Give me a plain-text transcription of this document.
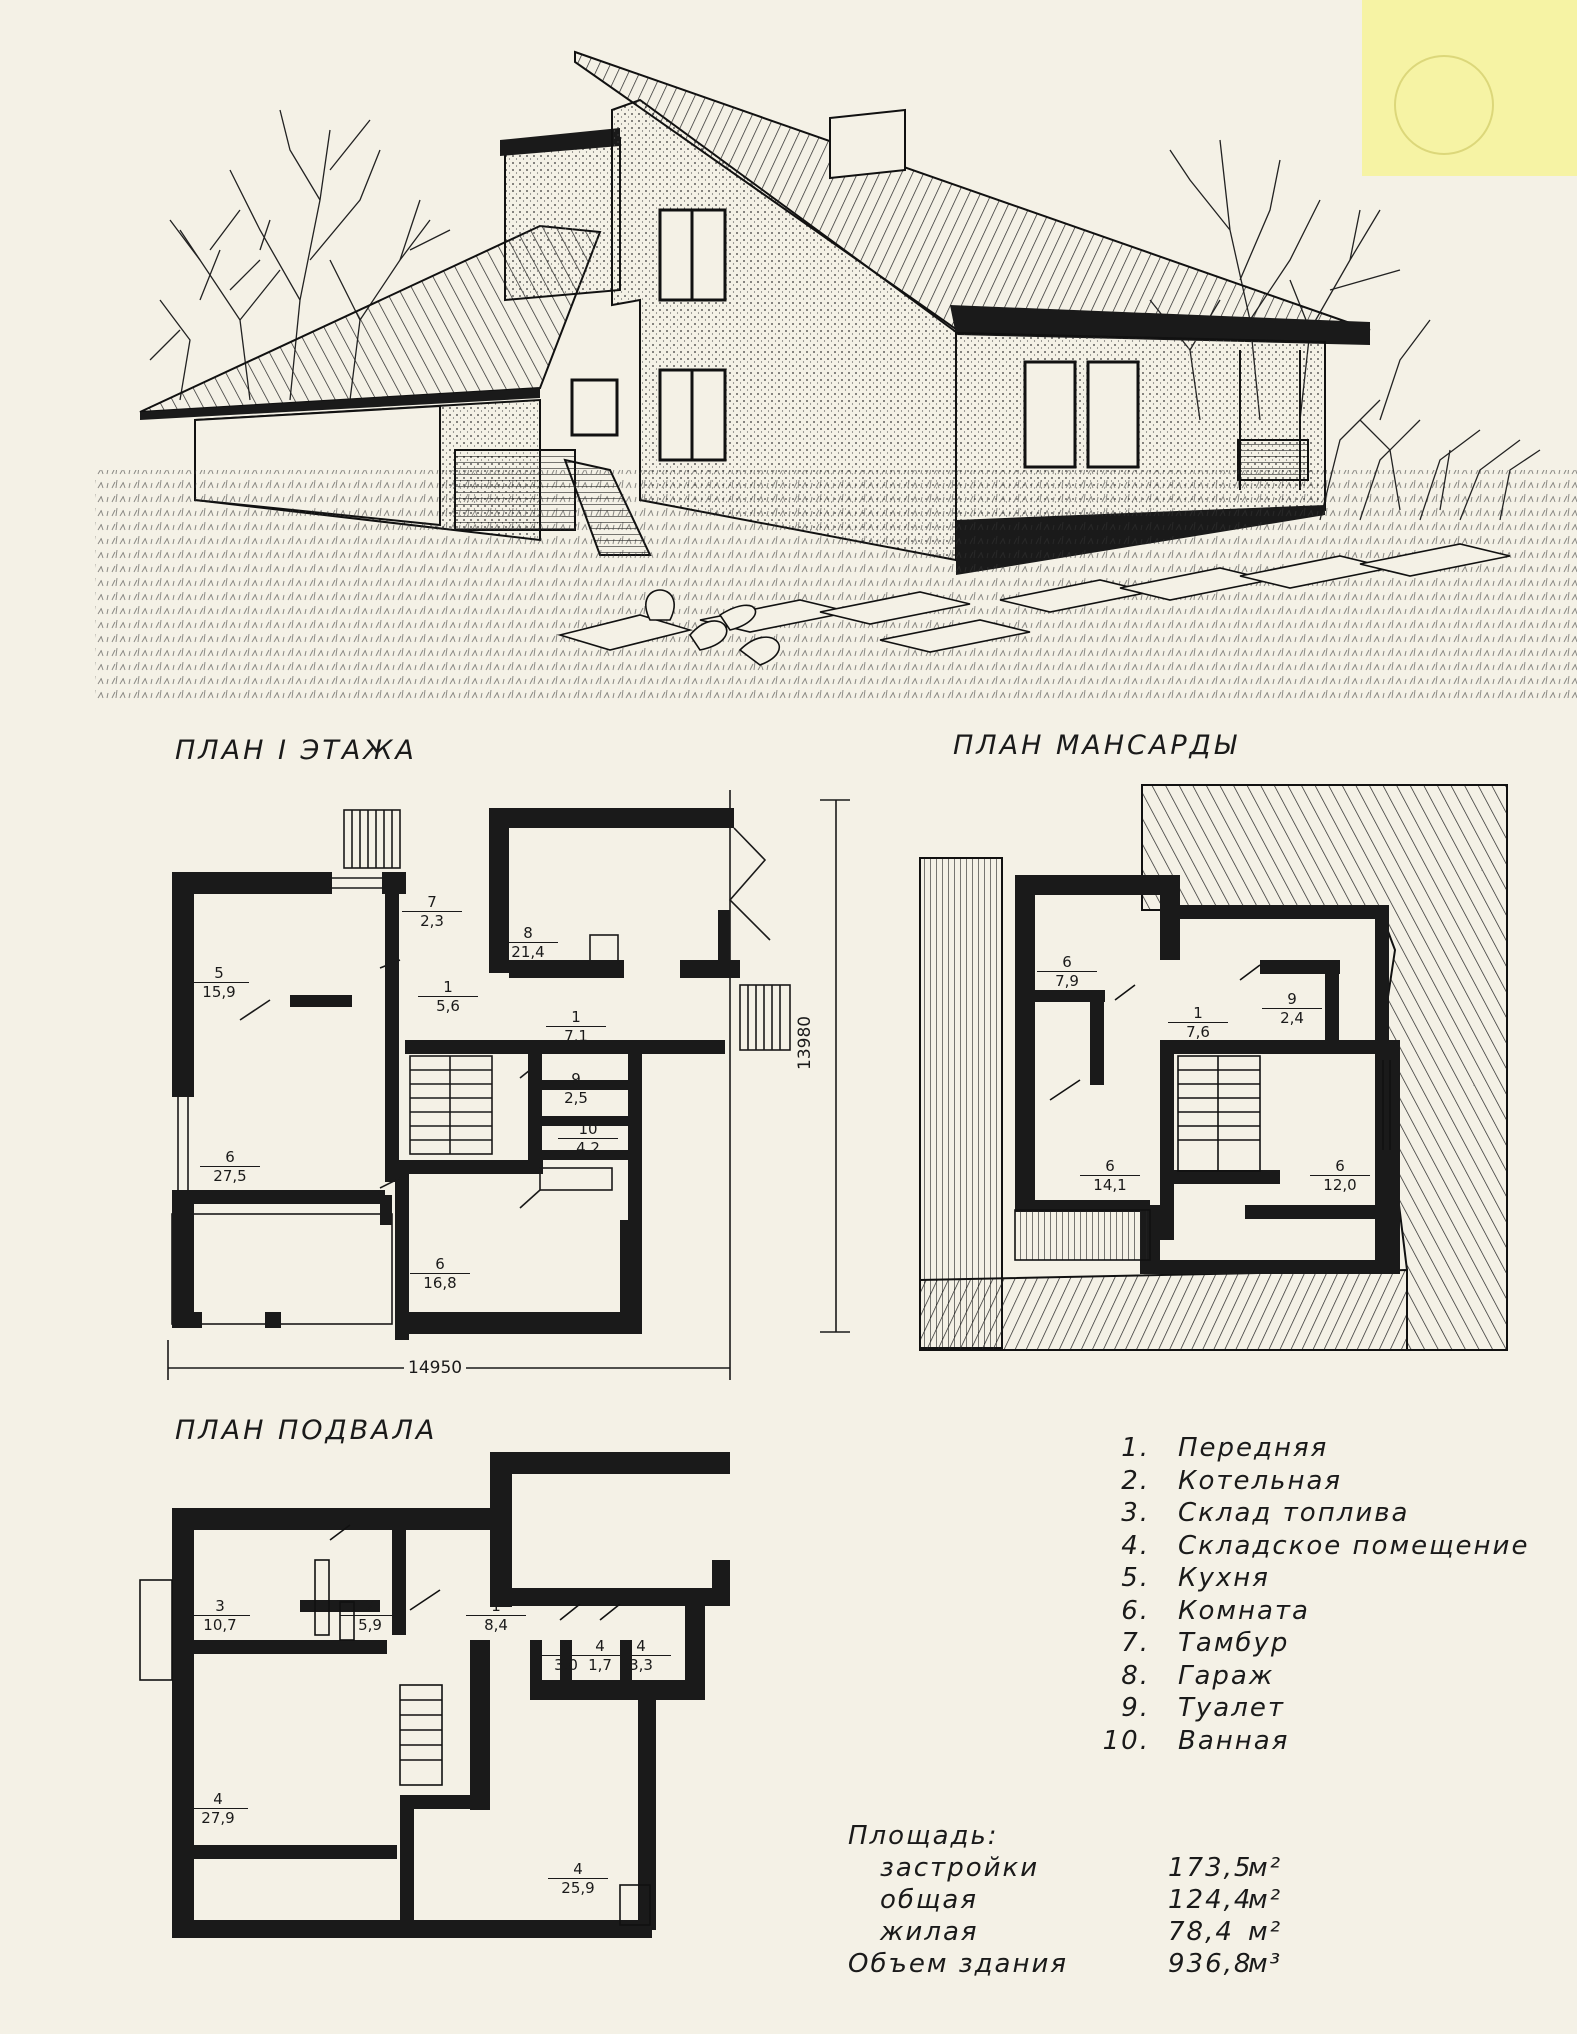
ПЛАН I ЭТАЖА	ПЛАН МАНСАРДЫ
ПЛАН ПОДВАЛА
7
2,3
8
21,4
5
15,9	1
5,6
1
7,1
9
2,5
10
4,2
6
27,5
6
16,8
14950
13980
6
7,9
1
7,6
9
2,4
6
14,1
6
12,0
3
10,7
2
5,9
1
8,4
4
3,0
4
1,7
4
3,3
4
27,9
4
25,9
1. Передняя
2. Котельная
3. Склад топлива
4. Складское помещение
5. Кухня
6. Комната
7. Тамбур
8. Гараж
9. Туалет
10. Ванная
Площадь:
застройки	173,5
м²
общая	124,4
м²
жилая	78,4 м²
Объем здания	936,8
м³
